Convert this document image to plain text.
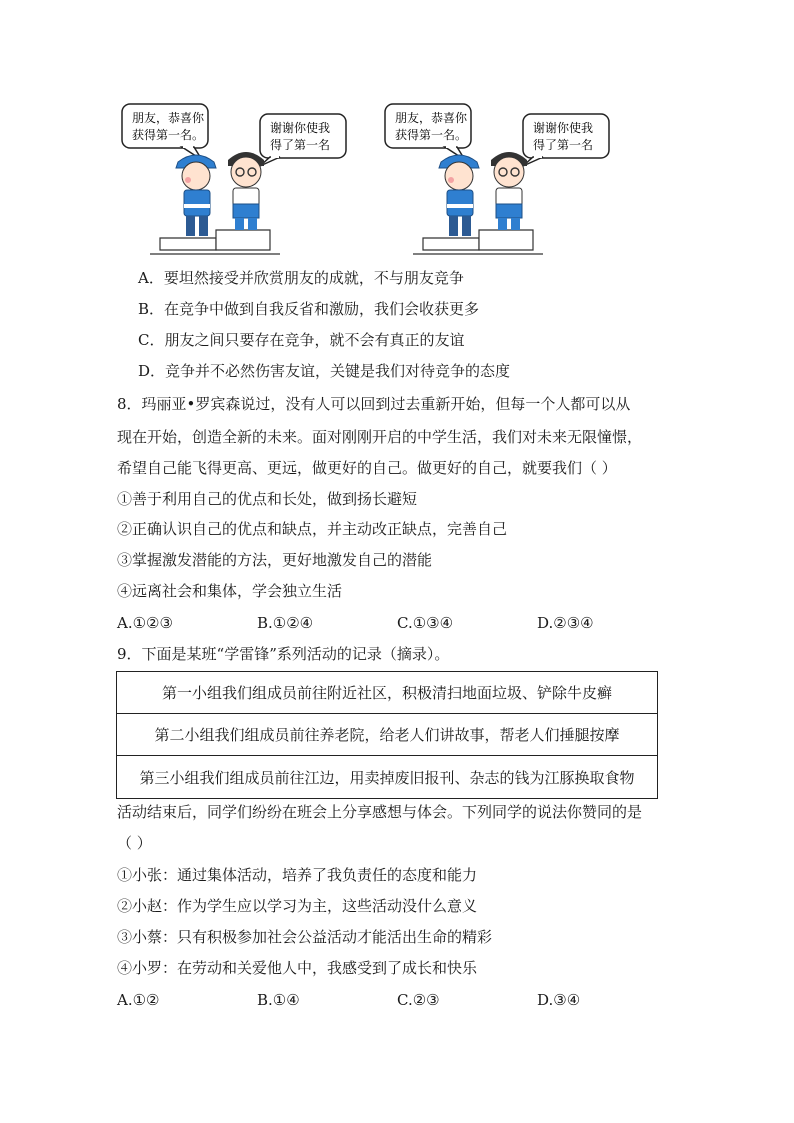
朋友，恭喜你
获得第一名。	谢谢你使我
得了第一名
朋友，恭喜你
获得第一名。	谢谢你使我
得了第一名
A．要坦然接受并欣赏朋友的成就，不与朋友竞争
B．在竞争中做到自我反省和激励，我们会收获更多
C．朋友之间只要存在竞争，就不会有真正的友谊
D．竞争并不必然伤害友谊，关键是我们对待竞争的态度
8．玛丽亚•罗宾森说过，没有人可以回到过去重新开始，但每一个人都可以从
现在开始，创造全新的未来。面对刚刚开启的中学生活，我们对未来无限憧憬，
希望自己能飞得更高、更远，做更好的自己。做更好的自己，就要我们（ ）
①善于利用自己的优点和长处，做到扬长避短
②正确认识自己的优点和缺点，并主动改正缺点，完善自己
③掌握激发潜能的方法，更好地激发自己的潜能
④远离社会和集体，学会独立生活
A.①②③	B.①②④	C.①③④	D.②③④
9．下面是某班“学雷锋”系列活动的记录（摘录）。
第一小组我们组成员前往附近社区，积极清扫地面垃圾、铲除牛皮癣
第二小组我们组成员前往养老院，给老人们讲故事，帮老人们捶腿按摩
第三小组我们组成员前往江边，用卖掉废旧报刊、杂志的钱为江豚换取食物
活动结束后，同学们纷纷在班会上分享感想与体会。下列同学的说法你赞同的是
（ ）
①小张：通过集体活动，培养了我负责任的态度和能力
②小赵：作为学生应以学习为主，这些活动没什么意义
③小蔡：只有积极参加社会公益活动才能活出生命的精彩
④小罗：在劳动和关爱他人中，我感受到了成长和快乐
A.①②	B.①④	C.②③	D.③④
